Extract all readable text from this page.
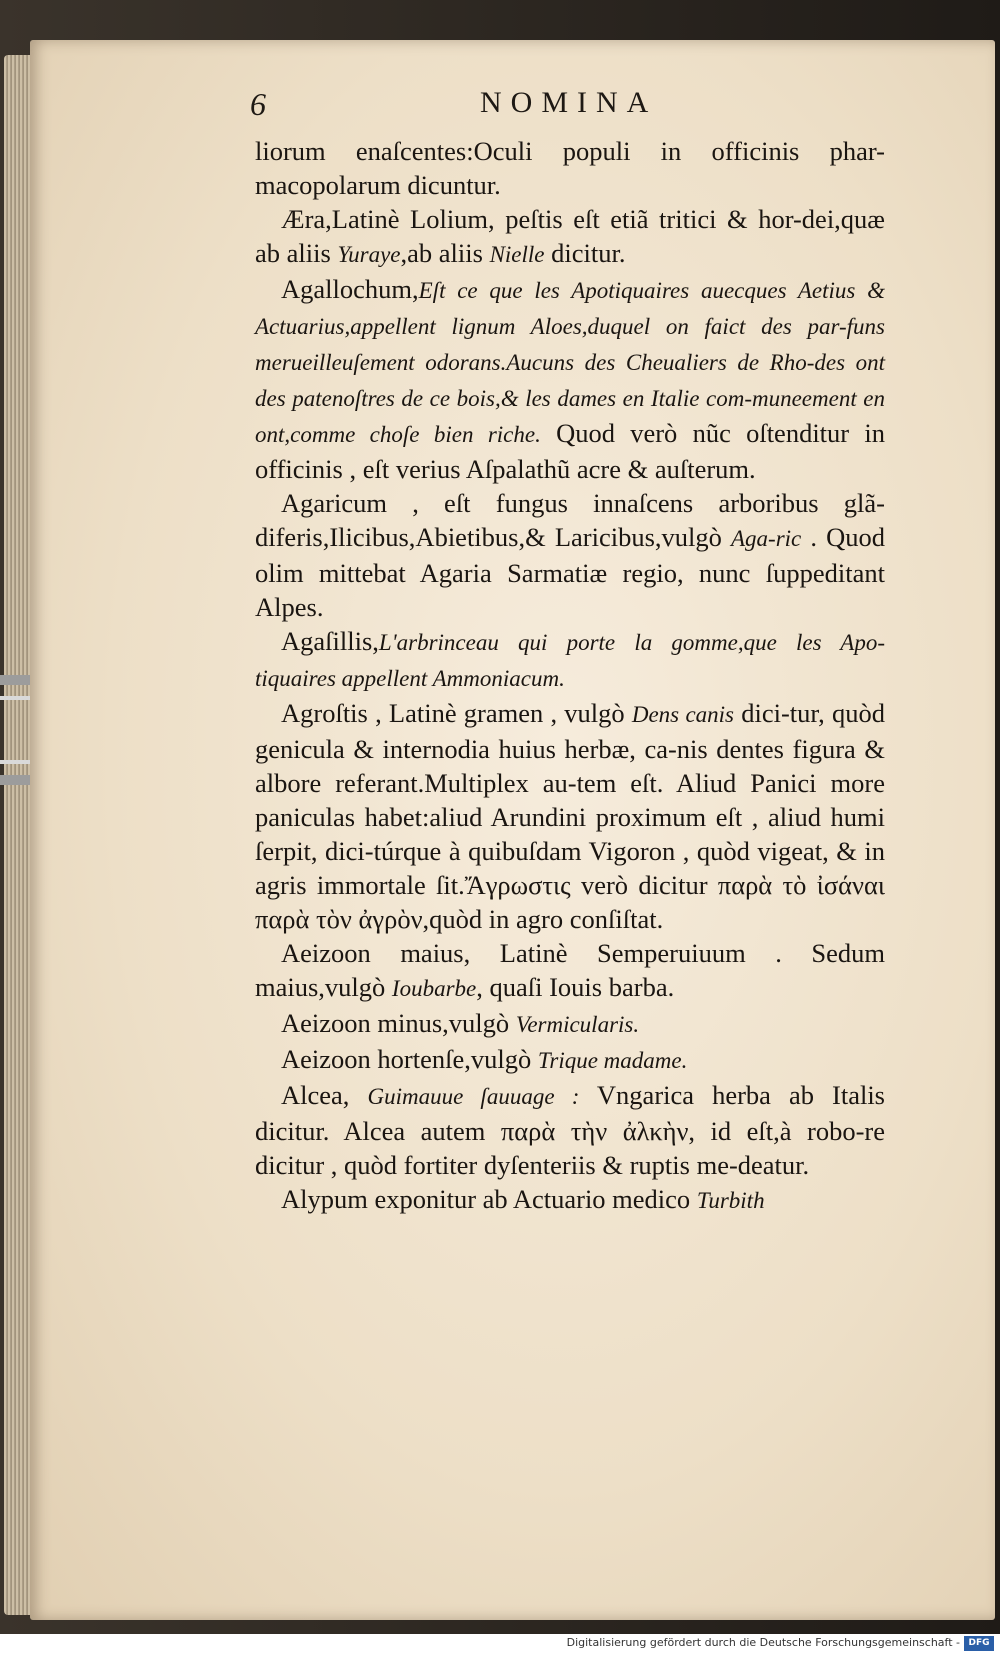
6	NOMINA

liorum enaſcentes:Oculi populi in officinis phar-macopolarum dicuntur.

Æra,Latinè Lolium, peſtis eſt etiã tritici & hor-dei,quæ ab aliis Yuraye,ab aliis Nielle dicitur.

Agallochum,Eſt ce que les Apotiquaires auecques Aetius & Actuarius,appellent lignum Aloes,duquel on faict des par-funs merueilleuſement odorans.Aucuns des Cheualiers de Rho-des ont des patenoſtres de ce bois,& les dames en Italie com-muneement en ont,comme choſe bien riche. Quod verò nũc oſtenditur in officinis , eſt verius Aſpalathũ acre & auſterum.

Agaricum , eſt fungus innaſcens arboribus glã-diferis,Ilicibus,Abietibus,& Laricibus,vulgò Aga-ric . Quod olim mittebat Agaria Sarmatiæ regio, nunc ſuppeditant Alpes.

Agaſillis,L'arbrinceau qui porte la gomme,que les Apo-tiquaires appellent Ammoniacum.

Agroſtis , Latinè gramen , vulgò Dens canis dici-tur, quòd genicula & internodia huius herbæ, ca-nis dentes figura & albore referant.Multiplex au-tem eſt. Aliud Panici more paniculas habet:aliud Arundini proximum eſt , aliud humi ſerpit, dici-túrque à quibuſdam Vigoron , quòd vigeat, & in agris immortale ſit.Ἄγρωστις verò dicitur παρὰ τὸ ἰσάναι παρὰ τὸν ἀγρὸν,quòd in agro conſiſtat.

Aeizoon maius, Latinè Semperuiuum . Sedum maius,vulgò Ioubarbe, quaſi Iouis barba.

Aeizoon minus,vulgò Vermicularis.

Aeizoon hortenſe,vulgò Trique madame.

Alcea, Guimauue ſauuage : Vngarica herba ab Italis dicitur. Alcea autem παρὰ τὴν ἀλκὴν, id eſt,à robo-re dicitur , quòd fortiter dyſenteriis & ruptis me-deatur.

Alypum exponitur ab Actuario medico Turbith

Digitalisierung gefördert durch die Deutsche Forschungsgemeinschaft - DFG
